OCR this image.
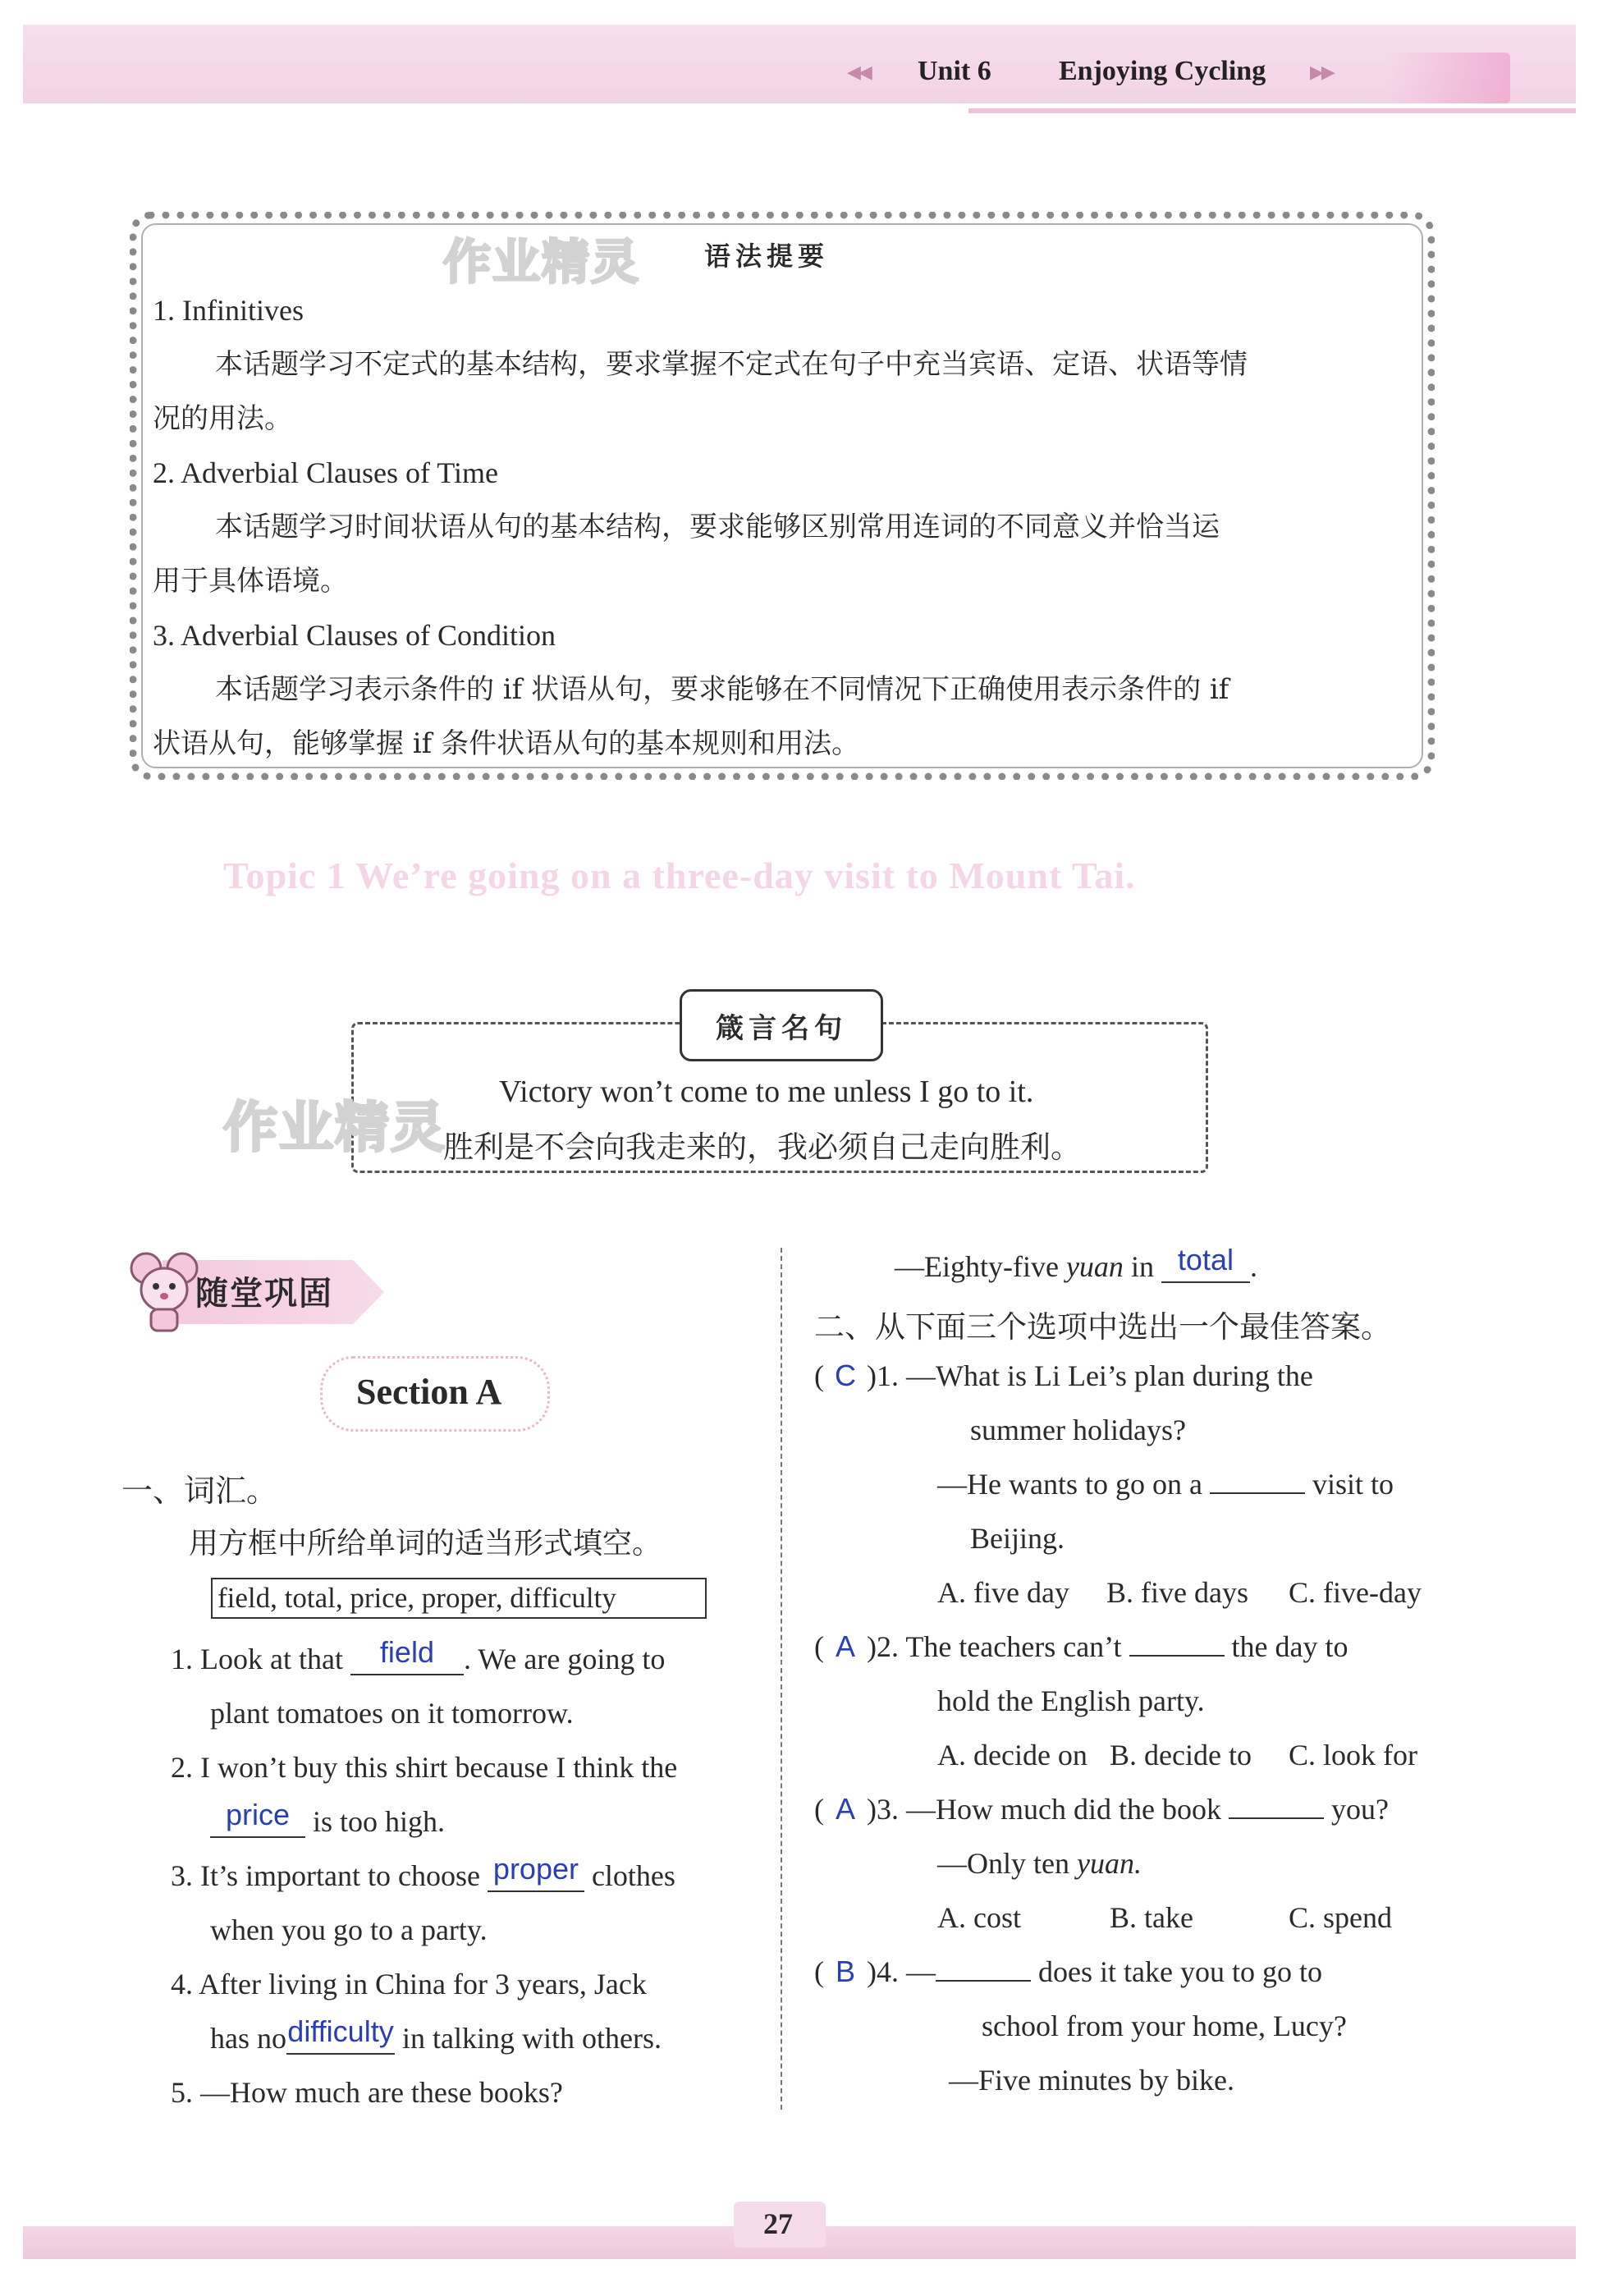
◀◀ Unit 6 Enjoying Cycling ▶▶
作业精灵 语法提要
1. Infinitives
本话题学习不定式的基本结构，要求掌握不定式在句子中充当宾语、定语、状语等情
况的用法。
2. Adverbial Clauses of Time
本话题学习时间状语从句的基本结构，要求能够区别常用连词的不同意义并恰当运
用于具体语境。
3. Adverbial Clauses of Condition
本话题学习表示条件的 if 状语从句，要求能够在不同情况下正确使用表示条件的 if
状语从句，能够掌握 if 条件状语从句的基本规则和用法。
Topic 1 We’re going on a three-day visit to Mount Tai.
箴言名句
作业精灵
Victory won’t come to me unless I go to it.
胜利是不会向我走来的，我必须自己走向胜利。
随堂巩固
Section A
一、词汇。
用方框中所给单词的适当形式填空。
field, total, price, proper, difficulty
1. Look at that field . We are going to
plant tomatoes on it tomorrow.
2. I won’t buy this shirt because I think the
price is too high.
3. It’s important to choose proper clothes
when you go to a party.
4. After living in China for 3 years, Jack
has nodifficulty in talking with others.
5. —How much are these books?
—Eighty-five yuan in total .
二、从下面三个选项中选出一个最佳答案。
( C )1. —What is Li Lei’s plan during the
summer holidays?
—He wants to go on a	visit to
Beijing.
A. five day B. five days C. five-day
( A )2. The teachers can’t	the day to
hold the English party.
A. decide on B. decide to C. look for
( A )3. —How much did the book	you?
—Only ten yuan.
A. cost	B. take	C. spend
( B )4. —	does it take you to go to
school from your home, Lucy?
—Five minutes by bike.
27
